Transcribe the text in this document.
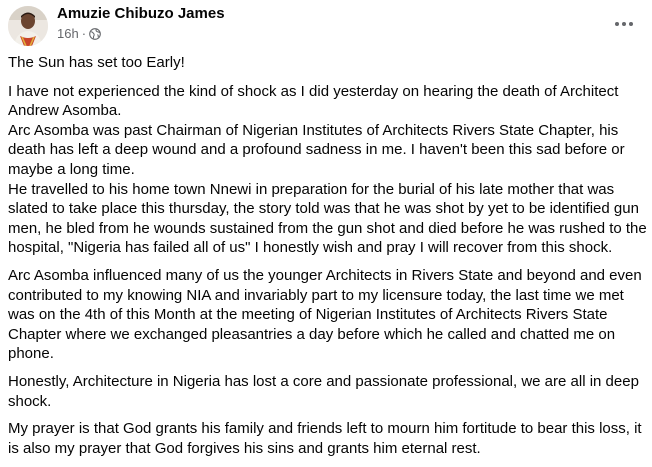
Amuzie Chibuzo James
16h ·

The Sun has set too Early!

I have not experienced the kind of shock as I did yesterday on hearing the death of Architect Andrew Asomba.
Arc Asomba was past Chairman of Nigerian Institutes of Architects Rivers State Chapter, his death has left a deep wound and a profound sadness in me. I haven't been this sad before or maybe a long time.
He travelled to his home town Nnewi in preparation for the burial of his late mother that was slated to take place this thursday, the story told was that he was shot by yet to be identified gun men, he bled from he wounds sustained from the gun shot and died before he was rushed to the hospital, "Nigeria has failed all of us" I honestly wish and pray I will recover from this shock.

Arc Asomba influenced many of us the younger Architects in Rivers State and beyond and even contributed to my knowing NIA and invariably part to my licensure today, the last time we met was on the 4th of this Month at the meeting of Nigerian Institutes of Architects Rivers State Chapter where we exchanged pleasantries a day before which he called and chatted me on phone.

Honestly, Architecture in Nigeria has lost a core and passionate professional, we are all in deep shock.

My prayer is that God grants his family and friends left to mourn him fortitude to bear this loss, it is also my prayer that God forgives his sins and grants him eternal rest.
